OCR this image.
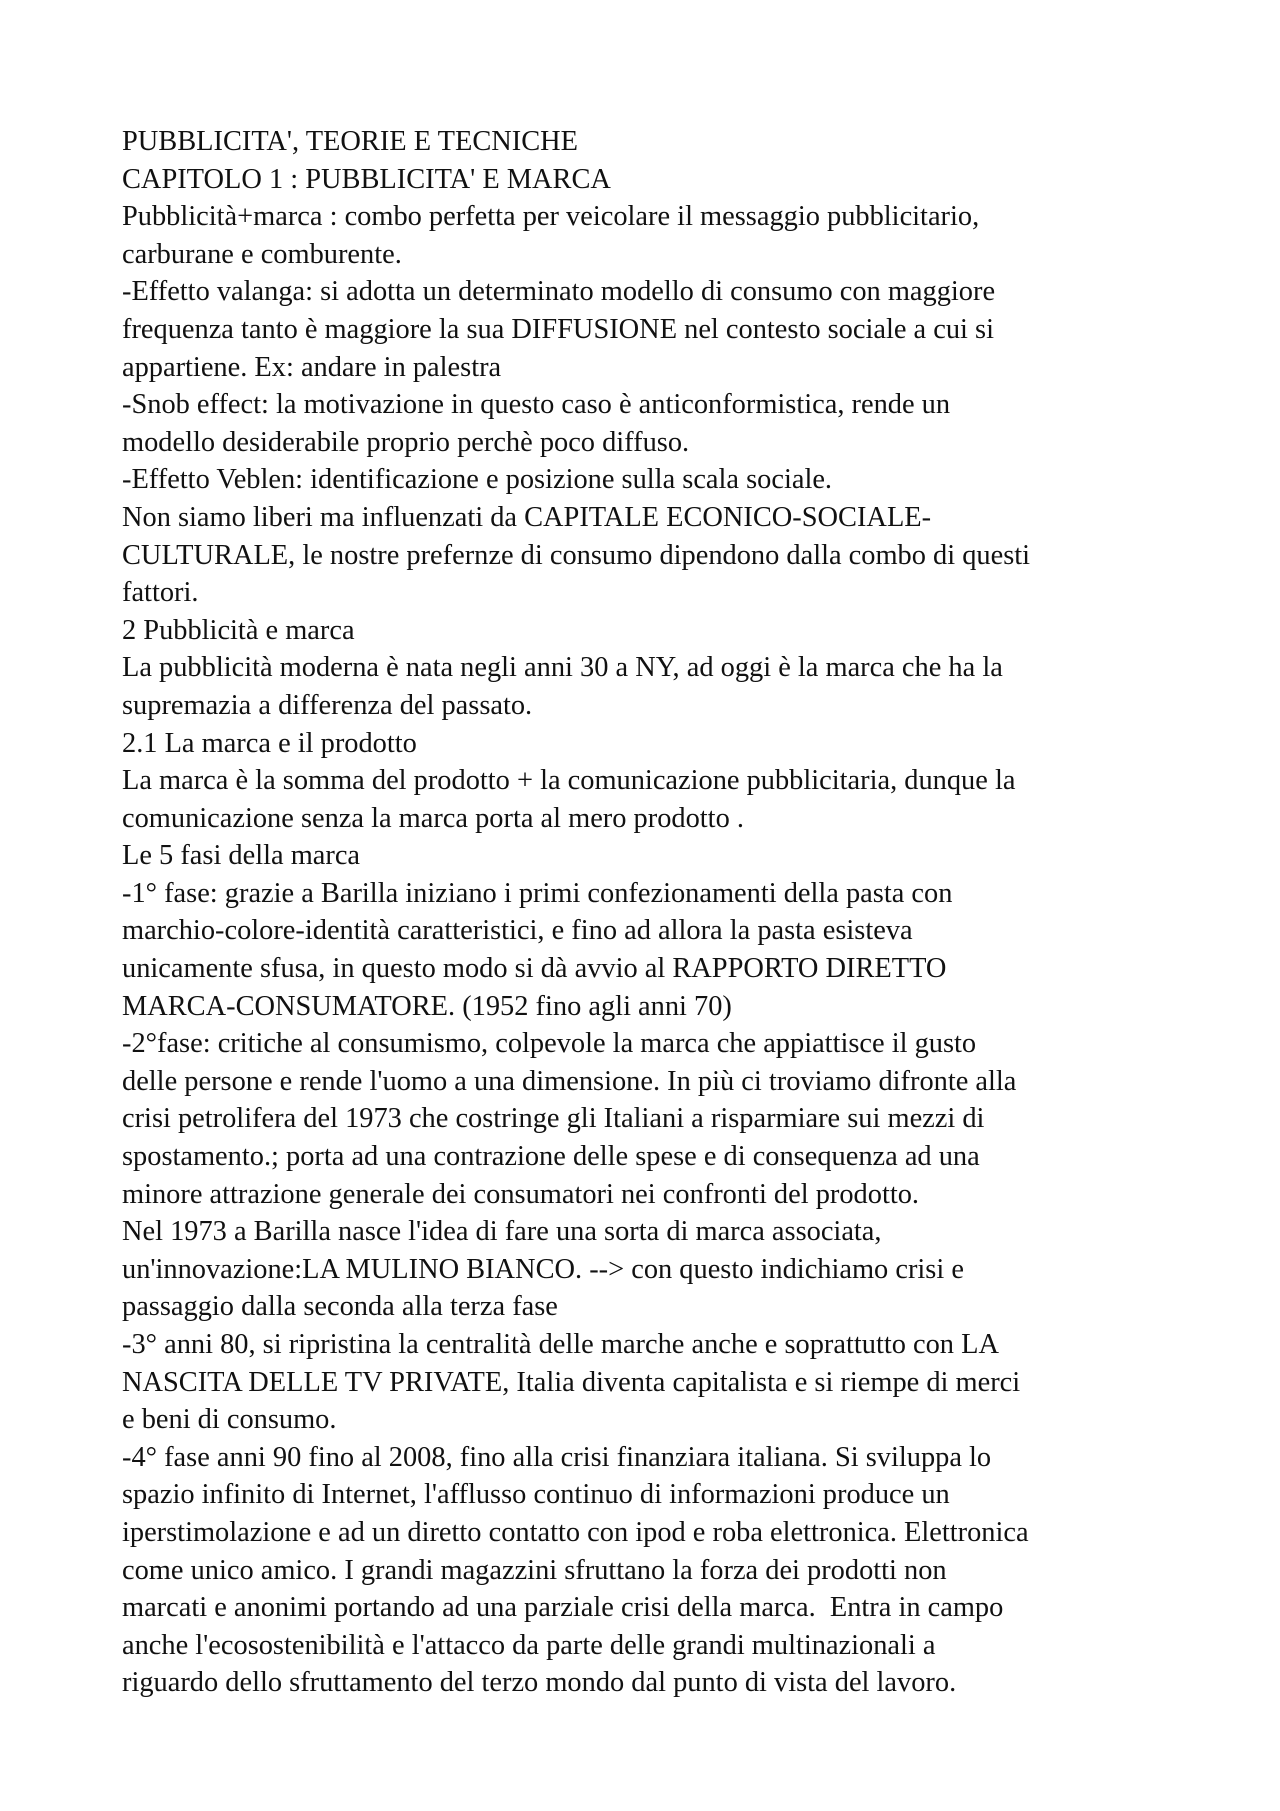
PUBBLICITA', TEORIE E TECNICHE
CAPITOLO 1 : PUBBLICITA' E MARCA
Pubblicità+marca : combo perfetta per veicolare il messaggio pubblicitario,
carburane e comburente.
-Effetto valanga: si adotta un determinato modello di consumo con maggiore
frequenza tanto è maggiore la sua DIFFUSIONE nel contesto sociale a cui si
appartiene. Ex: andare in palestra
-Snob effect: la motivazione in questo caso è anticonformistica, rende un
modello desiderabile proprio perchè poco diffuso.
-Effetto Veblen: identificazione e posizione sulla scala sociale.
Non siamo liberi ma influenzati da CAPITALE ECONICO-SOCIALE-
CULTURALE, le nostre prefernze di consumo dipendono dalla combo di questi
fattori.
2 Pubblicità e marca
La pubblicità moderna è nata negli anni 30 a NY, ad oggi è la marca che ha la
supremazia a differenza del passato.
2.1 La marca e il prodotto
La marca è la somma del prodotto + la comunicazione pubblicitaria, dunque la
comunicazione senza la marca porta al mero prodotto .
Le 5 fasi della marca
-1° fase: grazie a Barilla iniziano i primi confezionamenti della pasta con
marchio-colore-identità caratteristici, e fino ad allora la pasta esisteva
unicamente sfusa, in questo modo si dà avvio al RAPPORTO DIRETTO
MARCA-CONSUMATORE. (1952 fino agli anni 70)
-2°fase: critiche al consumismo, colpevole la marca che appiattisce il gusto
delle persone e rende l'uomo a una dimensione. In più ci troviamo difronte alla
crisi petrolifera del 1973 che costringe gli Italiani a risparmiare sui mezzi di
spostamento.; porta ad una contrazione delle spese e di consequenza ad una
minore attrazione generale dei consumatori nei confronti del prodotto.
Nel 1973 a Barilla nasce l'idea di fare una sorta di marca associata,
un'innovazione:LA MULINO BIANCO. --> con questo indichiamo crisi e
passaggio dalla seconda alla terza fase
-3° anni 80, si ripristina la centralità delle marche anche e soprattutto con LA
NASCITA DELLE TV PRIVATE, Italia diventa capitalista e si riempe di merci
e beni di consumo.
-4° fase anni 90 fino al 2008, fino alla crisi finanziara italiana. Si sviluppa lo
spazio infinito di Internet, l'afflusso continuo di informazioni produce un
iperstimolazione e ad un diretto contatto con ipod e roba elettronica. Elettronica
come unico amico. I grandi magazzini sfruttano la forza dei prodotti non
marcati e anonimi portando ad una parziale crisi della marca.  Entra in campo
anche l'ecosostenibilità e l'attacco da parte delle grandi multinazionali a
riguardo dello sfruttamento del terzo mondo dal punto di vista del lavoro.
